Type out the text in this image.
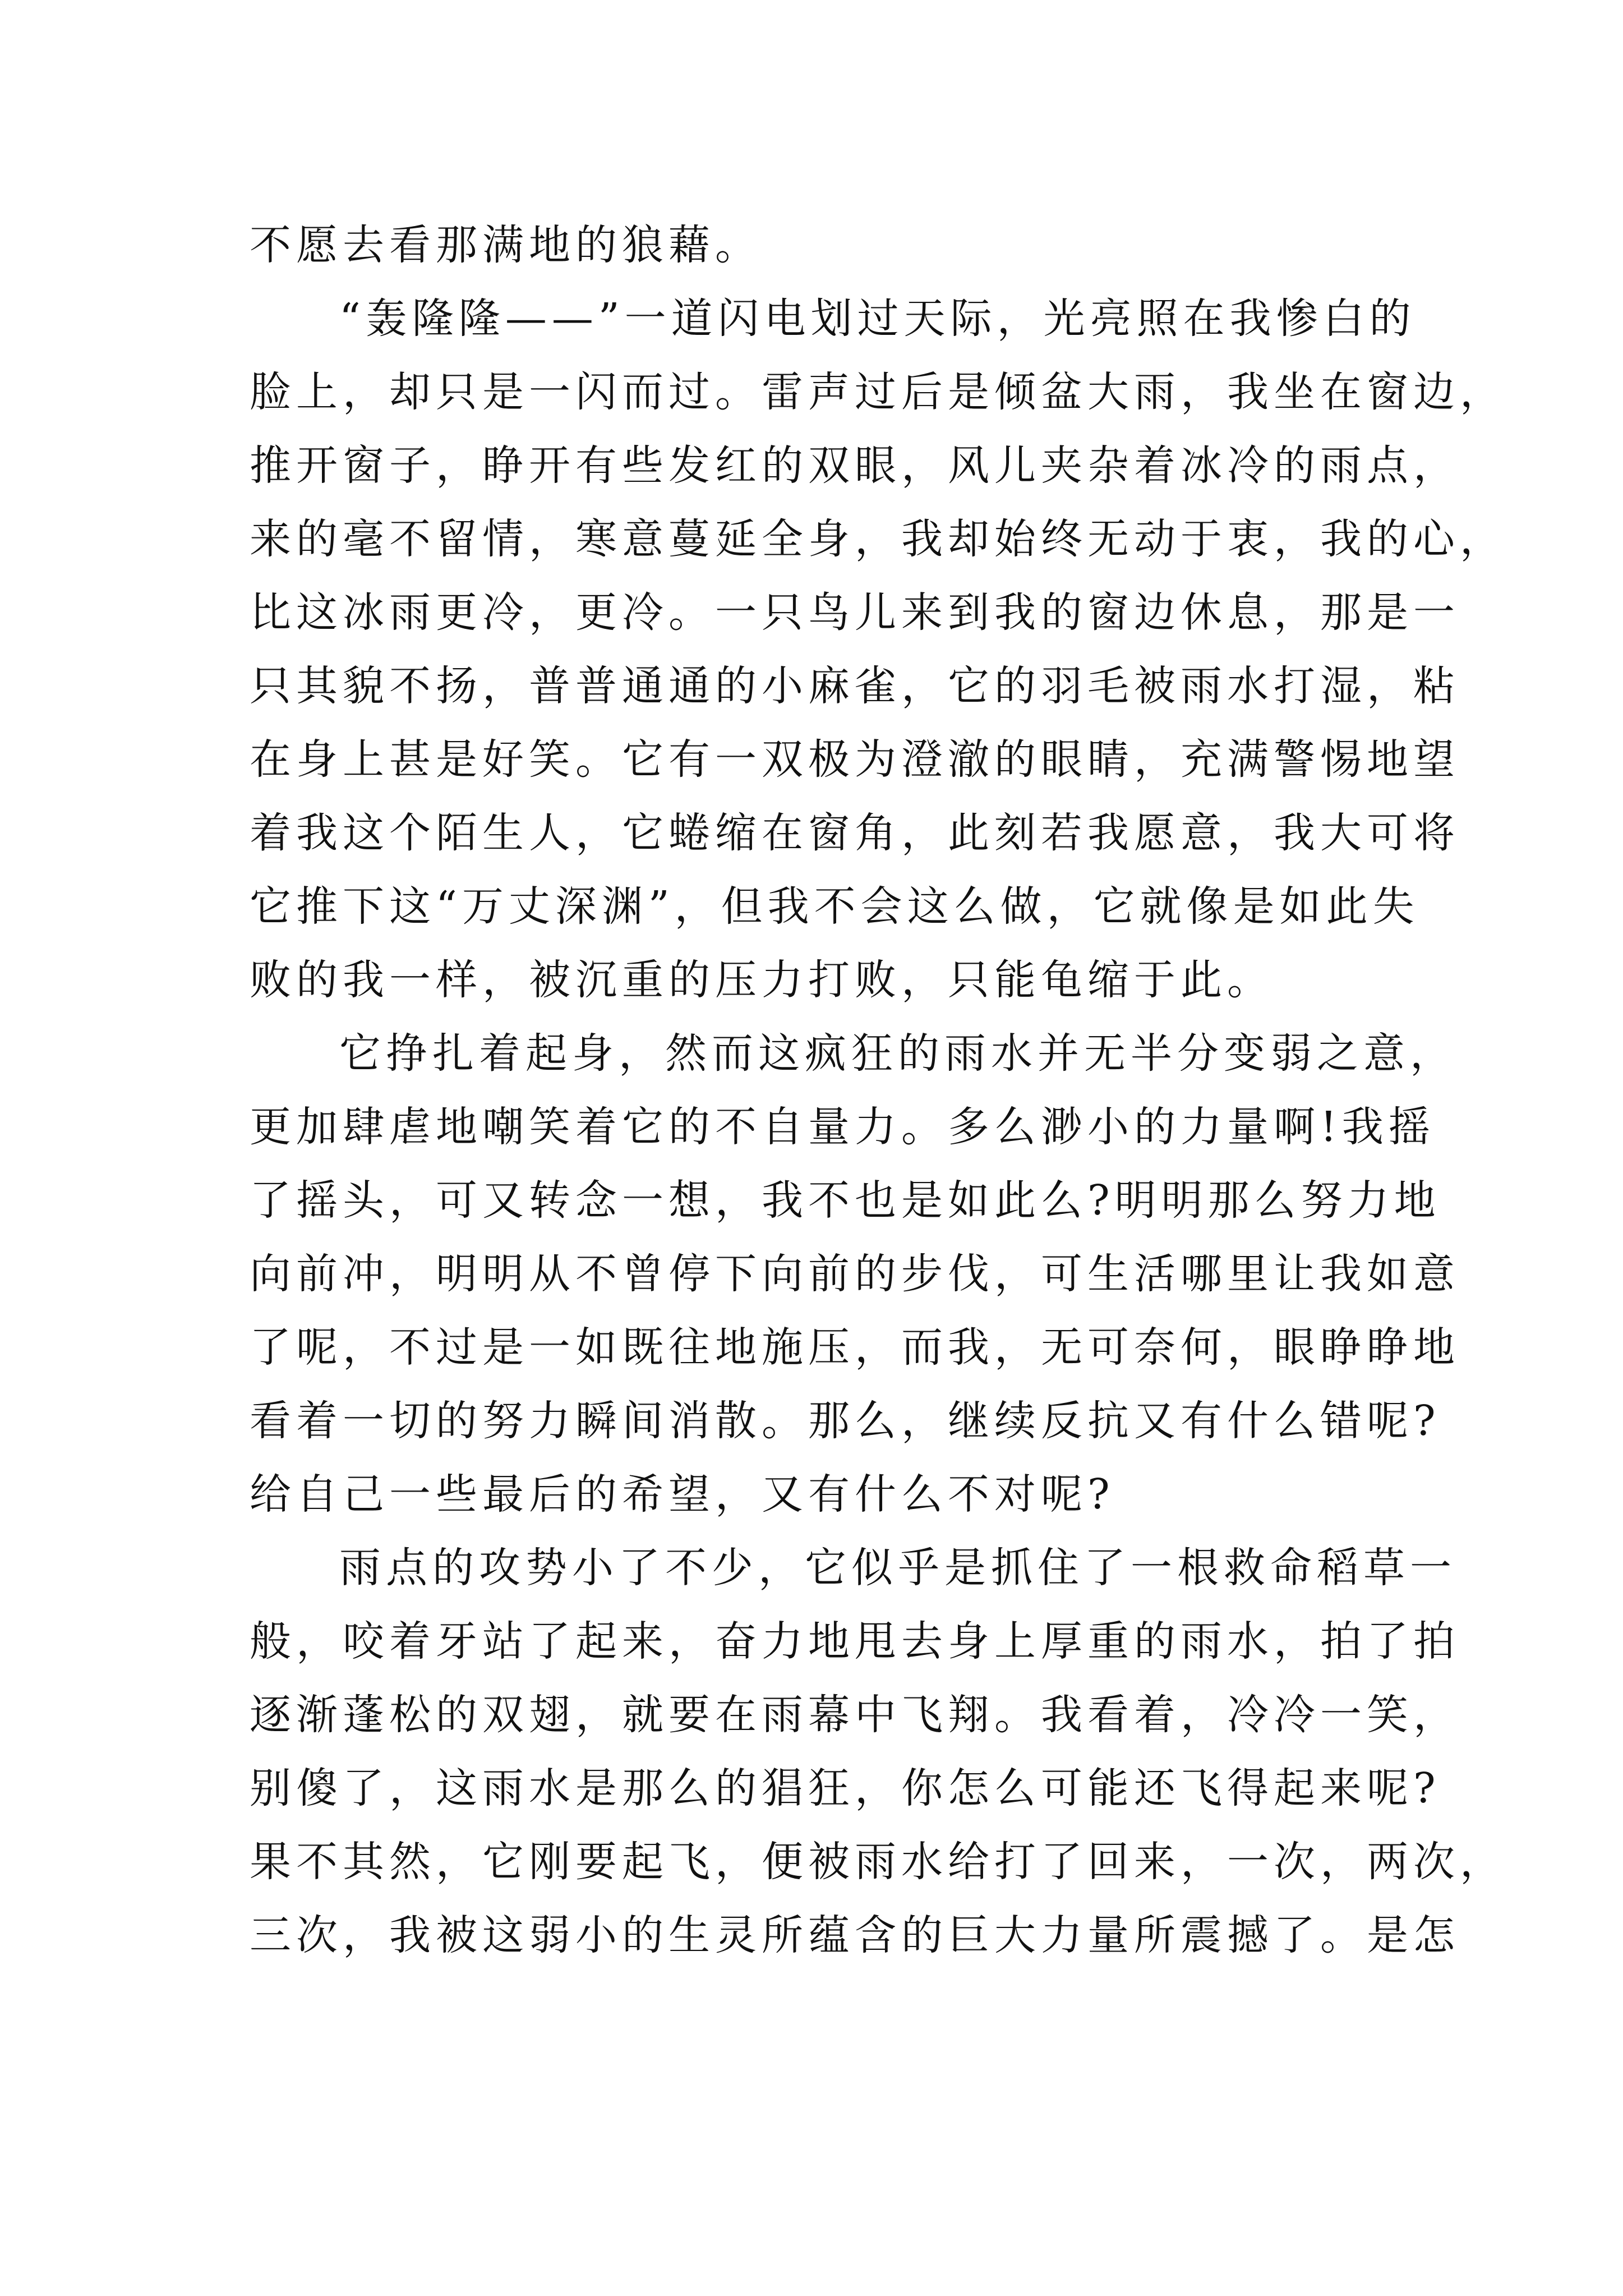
不愿去看那满地的狼藉。
“轰隆隆——”一道闪电划过天际，光亮照在我惨白的
脸上，却只是一闪而过。雷声过后是倾盆大雨，我坐在窗边，
推开窗子，睁开有些发红的双眼，风儿夹杂着冰冷的雨点，
来的毫不留情，寒意蔓延全身，我却始终无动于衷，我的心，
比这冰雨更冷，更冷。一只鸟儿来到我的窗边休息，那是一
只其貌不扬，普普通通的小麻雀，它的羽毛被雨水打湿，粘
在身上甚是好笑。它有一双极为澄澈的眼睛，充满警惕地望
着我这个陌生人，它蜷缩在窗角，此刻若我愿意，我大可将
它推下这“万丈深渊”，但我不会这么做，它就像是如此失
败的我一样，被沉重的压力打败，只能龟缩于此。
它挣扎着起身，然而这疯狂的雨水并无半分变弱之意，
更加肆虐地嘲笑着它的不自量力。多么渺小的力量啊!我摇
了摇头，可又转念一想，我不也是如此么?明明那么努力地
向前冲，明明从不曾停下向前的步伐，可生活哪里让我如意
了呢，不过是一如既往地施压，而我，无可奈何，眼睁睁地
看着一切的努力瞬间消散。那么，继续反抗又有什么错呢?
给自己一些最后的希望，又有什么不对呢?
雨点的攻势小了不少，它似乎是抓住了一根救命稻草一
般，咬着牙站了起来，奋力地甩去身上厚重的雨水，拍了拍
逐渐蓬松的双翅，就要在雨幕中飞翔。我看着，冷冷一笑，
别傻了，这雨水是那么的猖狂，你怎么可能还飞得起来呢?
果不其然，它刚要起飞，便被雨水给打了回来，一次，两次，
三次，我被这弱小的生灵所蕴含的巨大力量所震撼了。是怎
